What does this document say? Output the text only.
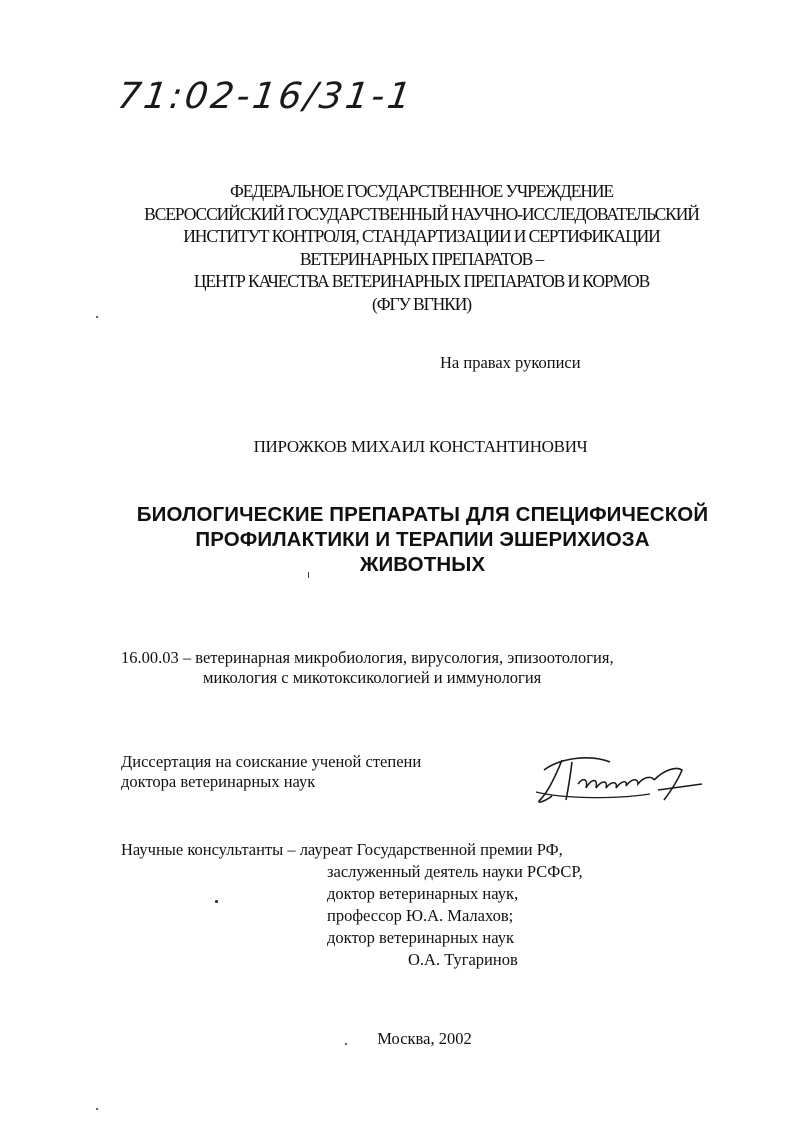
71:02-16/31-1
ФЕДЕРАЛЬНОЕ ГОСУДАРСТВЕННОЕ УЧРЕЖДЕНИЕ
ВСЕРОССИЙСКИЙ ГОСУДАРСТВЕННЫЙ НАУЧНО-ИССЛЕДОВАТЕЛЬСКИЙ
ИНСТИТУТ КОНТРОЛЯ, СТАНДАРТИЗАЦИИ И СЕРТИФИКАЦИИ
ВЕТЕРИНАРНЫХ ПРЕПАРАТОВ –
ЦЕНТР КАЧЕСТВА ВЕТЕРИНАРНЫХ ПРЕПАРАТОВ И КОРМОВ
(ФГУ ВГНКИ)
На правах рукописи
ПИРОЖКОВ МИХАИЛ КОНСТАНТИНОВИЧ
БИОЛОГИЧЕСКИЕ ПРЕПАРАТЫ ДЛЯ СПЕЦИФИЧЕСКОЙ
ПРОФИЛАКТИКИ И ТЕРАПИИ ЭШЕРИХИОЗА
ЖИВОТНЫХ
16.00.03 – ветеринарная микробиология, вирусология, эпизоотология,
микология с микотоксикологией и иммунология
Диссертация на соискание ученой степени
доктора ветеринарных наук
Научные консультанты – лауреат Государственной премии РФ,
заслуженный деятель науки РСФСР,
доктор ветеринарных наук,
профессор Ю.А. Малахов;
доктор ветеринарных наук
О.А. Тугаринов
Москва, 2002
